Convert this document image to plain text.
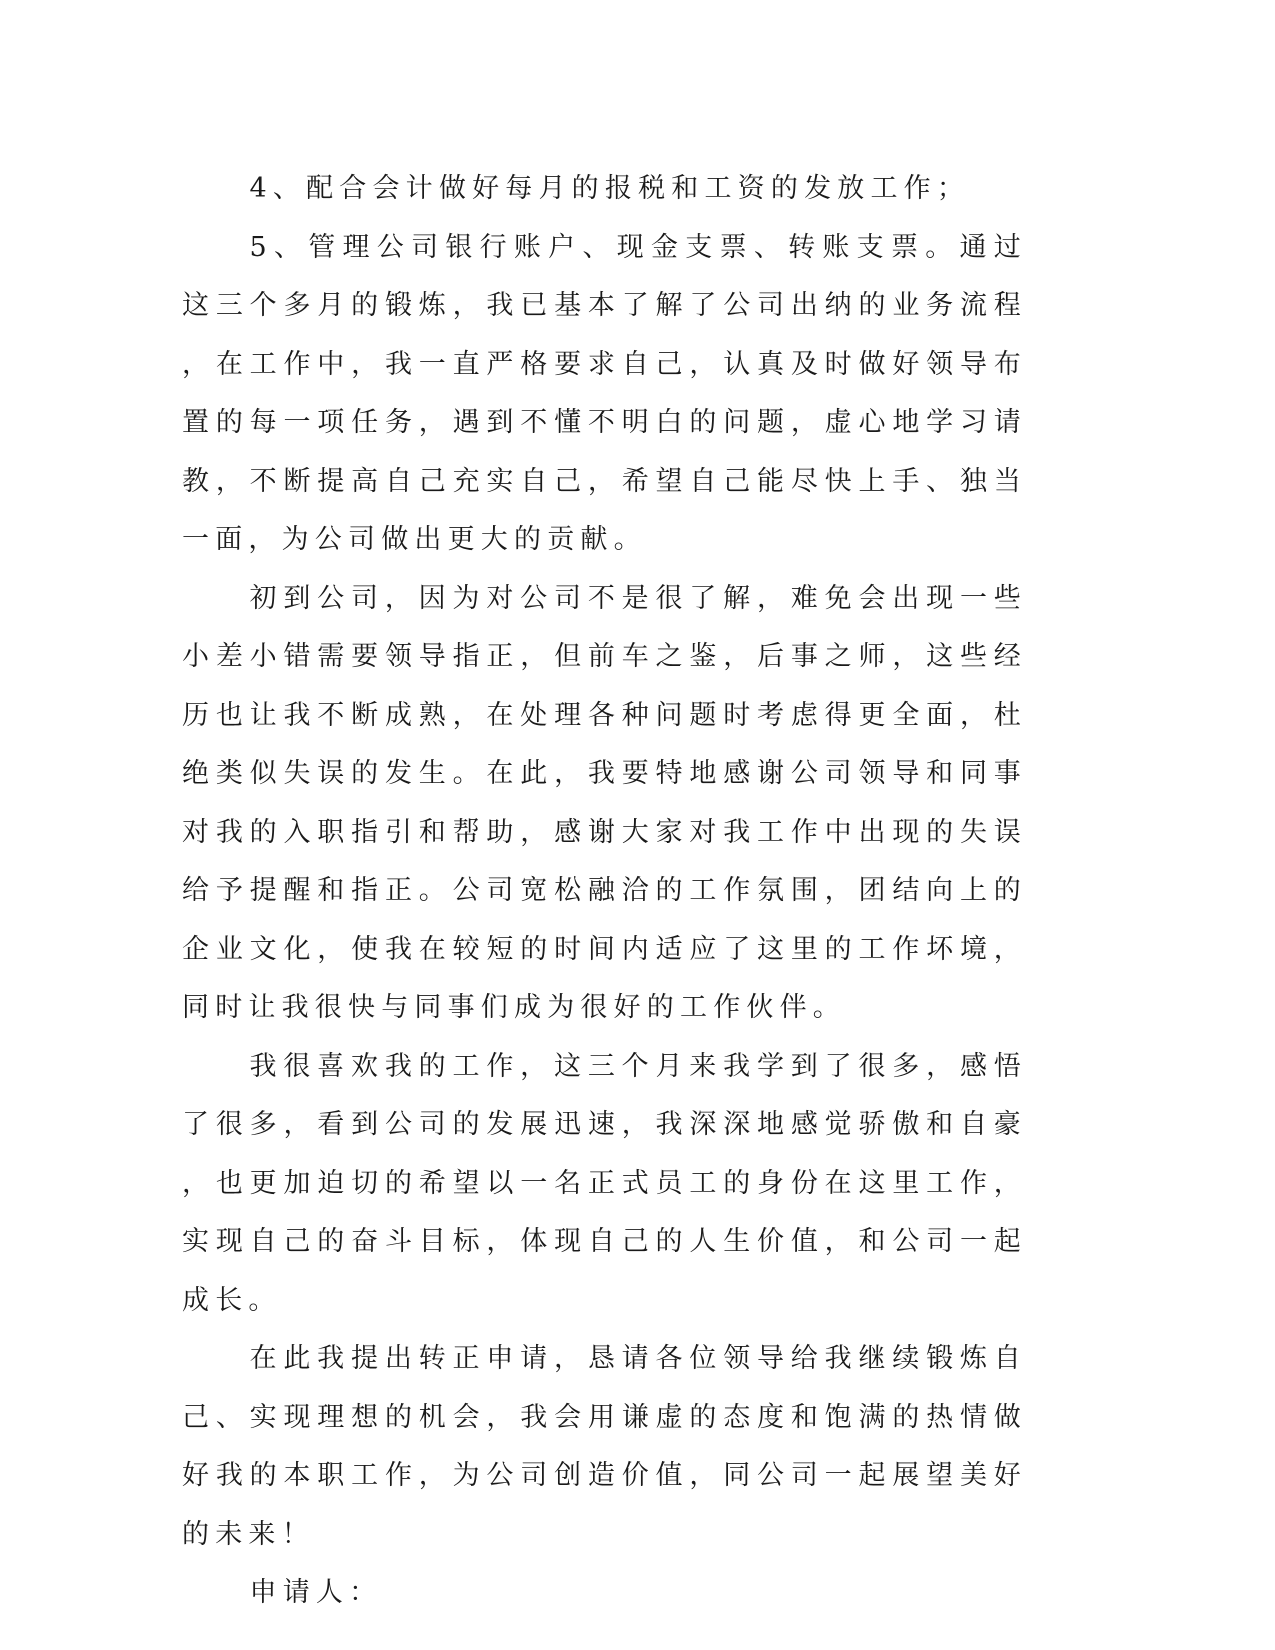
4、配合会计做好每月的报税和工资的发放工作；

5、管理公司银行账户、现金支票、转账支票。通过这三个多月的锻炼，我已基本了解了公司出纳的业务流程，在工作中，我一直严格要求自己，认真及时做好领导布置的每一项任务，遇到不懂不明白的问题，虚心地学习请教，不断提高自己充实自己，希望自己能尽快上手、独当一面，为公司做出更大的贡献。

初到公司，因为对公司不是很了解，难免会出现一些小差小错需要领导指正，但前车之鉴，后事之师，这些经历也让我不断成熟，在处理各种问题时考虑得更全面，杜绝类似失误的发生。在此，我要特地感谢公司领导和同事对我的入职指引和帮助，感谢大家对我工作中出现的失误给予提醒和指正。公司宽松融洽的工作氛围，团结向上的企业文化，使我在较短的时间内适应了这里的工作坏境，同时让我很快与同事们成为很好的工作伙伴。

我很喜欢我的工作，这三个月来我学到了很多，感悟了很多，看到公司的发展迅速，我深深地感觉骄傲和自豪，也更加迫切的希望以一名正式员工的身份在这里工作，实现自己的奋斗目标，体现自己的人生价值，和公司一起成长。

在此我提出转正申请，恳请各位领导给我继续锻炼自己、实现理想的机会，我会用谦虚的态度和饱满的热情做好我的本职工作，为公司创造价值，同公司一起展望美好的未来！

申请人：
